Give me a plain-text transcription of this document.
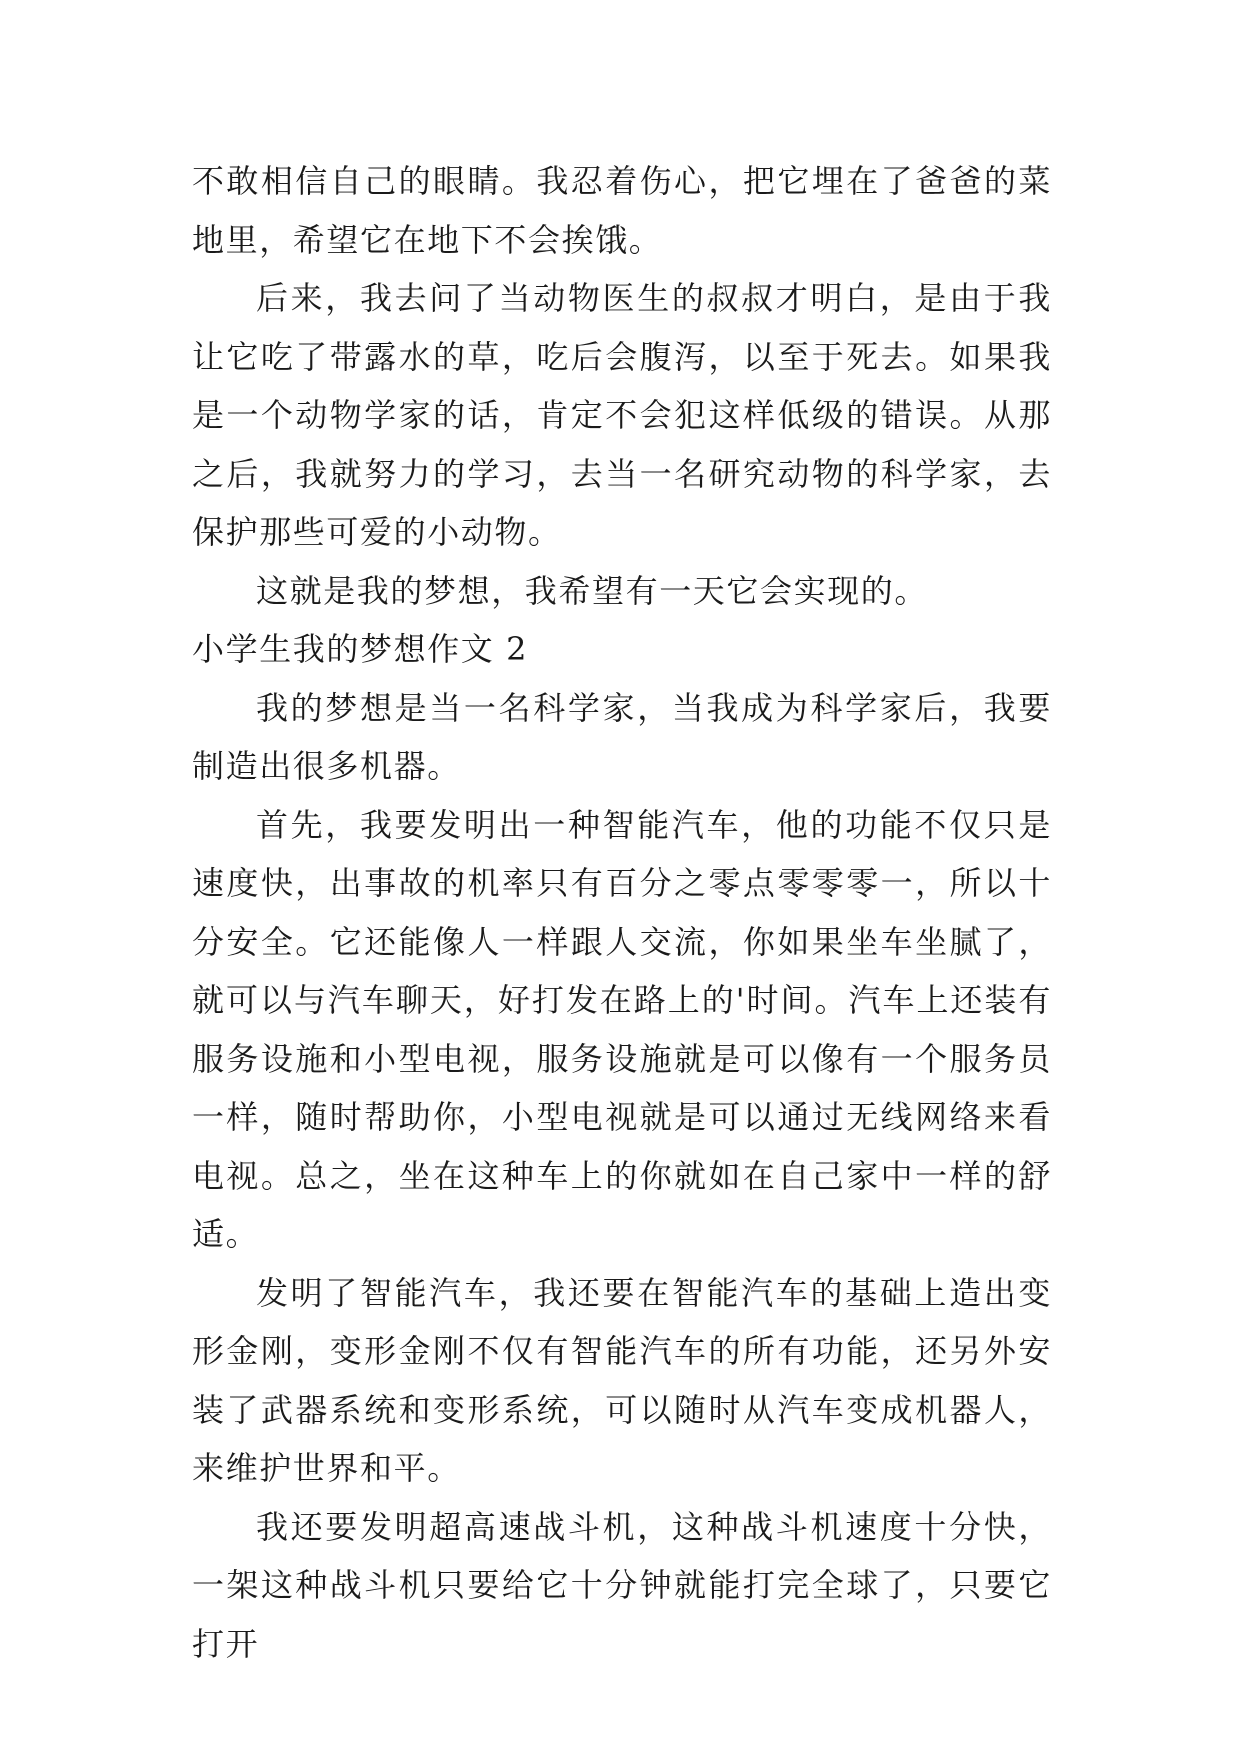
不敢相信自己的眼睛。我忍着伤心，把它埋在了爸爸的菜地里，希望它在地下不会挨饿。

后来，我去问了当动物医生的叔叔才明白，是由于我让它吃了带露水的草，吃后会腹泻，以至于死去。如果我是一个动物学家的话，肯定不会犯这样低级的错误。从那之后，我就努力的学习，去当一名研究动物的科学家，去保护那些可爱的小动物。

这就是我的梦想，我希望有一天它会实现的。

小学生我的梦想作文 2

我的梦想是当一名科学家，当我成为科学家后，我要制造出很多机器。

首先，我要发明出一种智能汽车，他的功能不仅只是速度快，出事故的机率只有百分之零点零零零一，所以十分安全。它还能像人一样跟人交流，你如果坐车坐腻了，就可以与汽车聊天，好打发在路上的'时间。汽车上还装有服务设施和小型电视，服务设施就是可以像有一个服务员一样，随时帮助你，小型电视就是可以通过无线网络来看电视。总之，坐在这种车上的你就如在自己家中一样的舒适。

发明了智能汽车，我还要在智能汽车的基础上造出变形金刚，变形金刚不仅有智能汽车的所有功能，还另外安装了武器系统和变形系统，可以随时从汽车变成机器人，来维护世界和平。

我还要发明超高速战斗机，这种战斗机速度十分快，一架这种战斗机只要给它十分钟就能打完全球了，只要它打开
